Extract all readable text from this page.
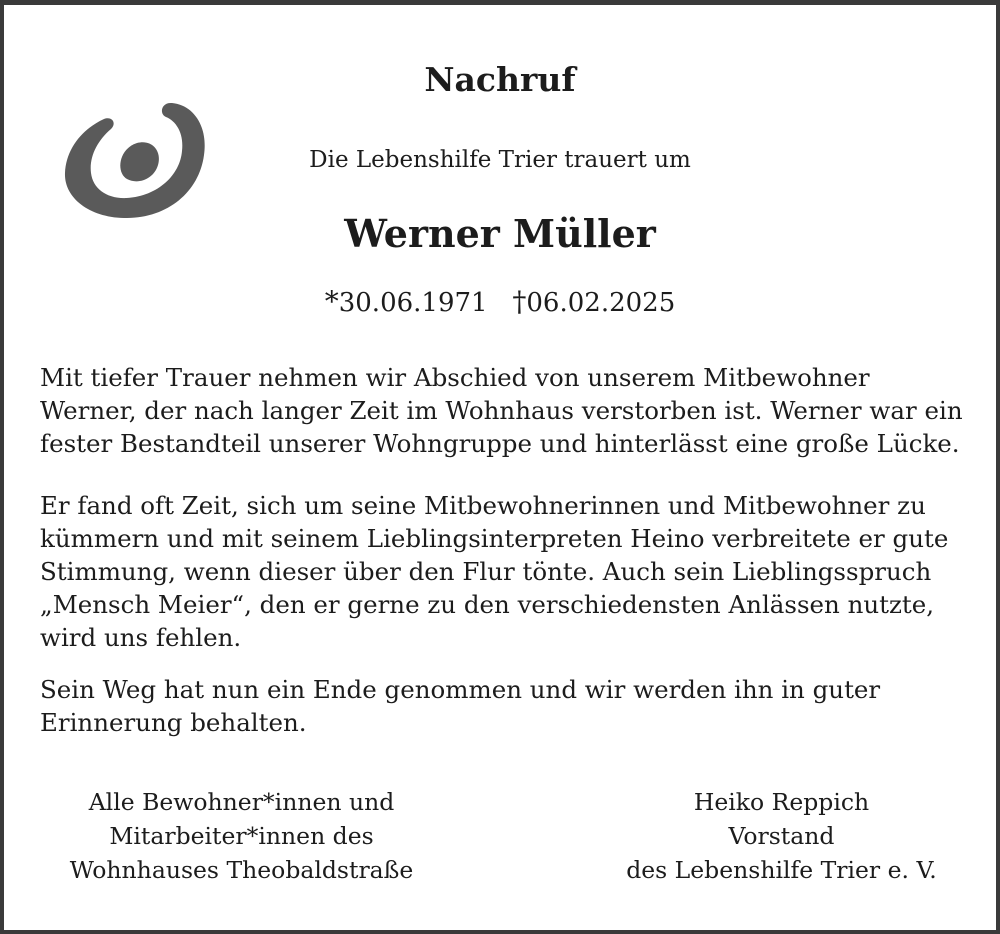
Nachruf

Die Lebenshilfe Trier trauert um

Werner Müller

*30.06.1971 †06.02.2025

Mit tiefer Trauer nehmen wir Abschied von unserem Mitbewohner
Werner, der nach langer Zeit im Wohnhaus verstorben ist. Werner war ein
fester Bestandteil unserer Wohngruppe und hinterlässt eine große Lücke.

Er fand oft Zeit, sich um seine Mitbewohnerinnen und Mitbewohner zu
kümmern und mit seinem Lieblingsinterpreten Heino verbreitete er gute
Stimmung, wenn dieser über den Flur tönte. Auch sein Lieblingsspruch
„Mensch Meier“, den er gerne zu den verschiedensten Anlässen nutzte,
wird uns fehlen.

Sein Weg hat nun ein Ende genommen und wir werden ihn in guter
Erinnerung behalten.

Alle Bewohner*innen und
Mitarbeiter*innen des
Wohnhauses Theobaldstraße
Heiko Reppich
Vorstand
des Lebenshilfe Trier e. V.
